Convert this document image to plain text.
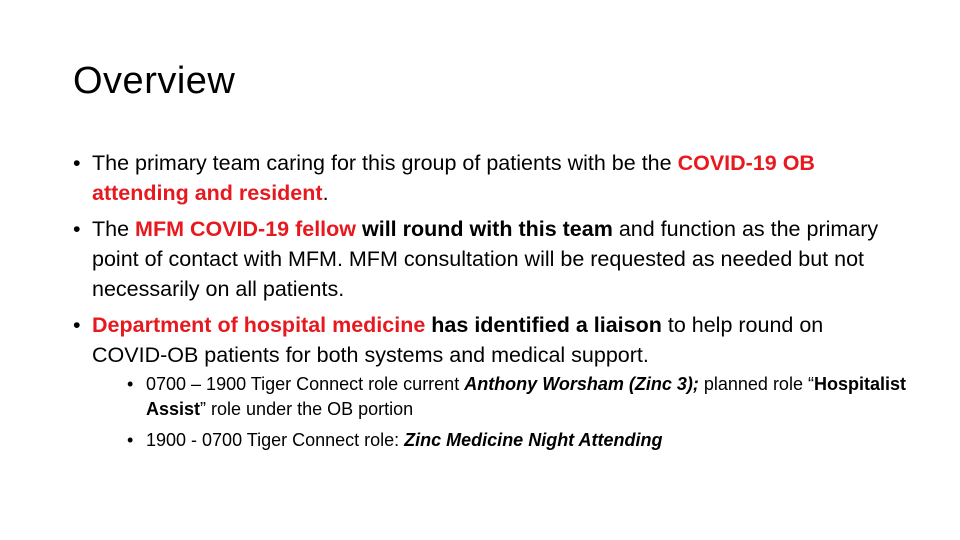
Overview
• The primary team caring for this group of patients with be the COVID-19 OB attending and resident.
• The MFM COVID-19 fellow will round with this team and function as the primary point of contact with MFM. MFM consultation will be requested as needed but not necessarily on all patients.
• Department of hospital medicine has identified a liaison to help round on COVID-OB patients for both systems and medical support.
• 0700 – 1900 Tiger Connect role current Anthony Worsham (Zinc 3); planned role “Hospitalist Assist” role under the OB portion
• 1900 - 0700 Tiger Connect role: Zinc Medicine Night Attending
